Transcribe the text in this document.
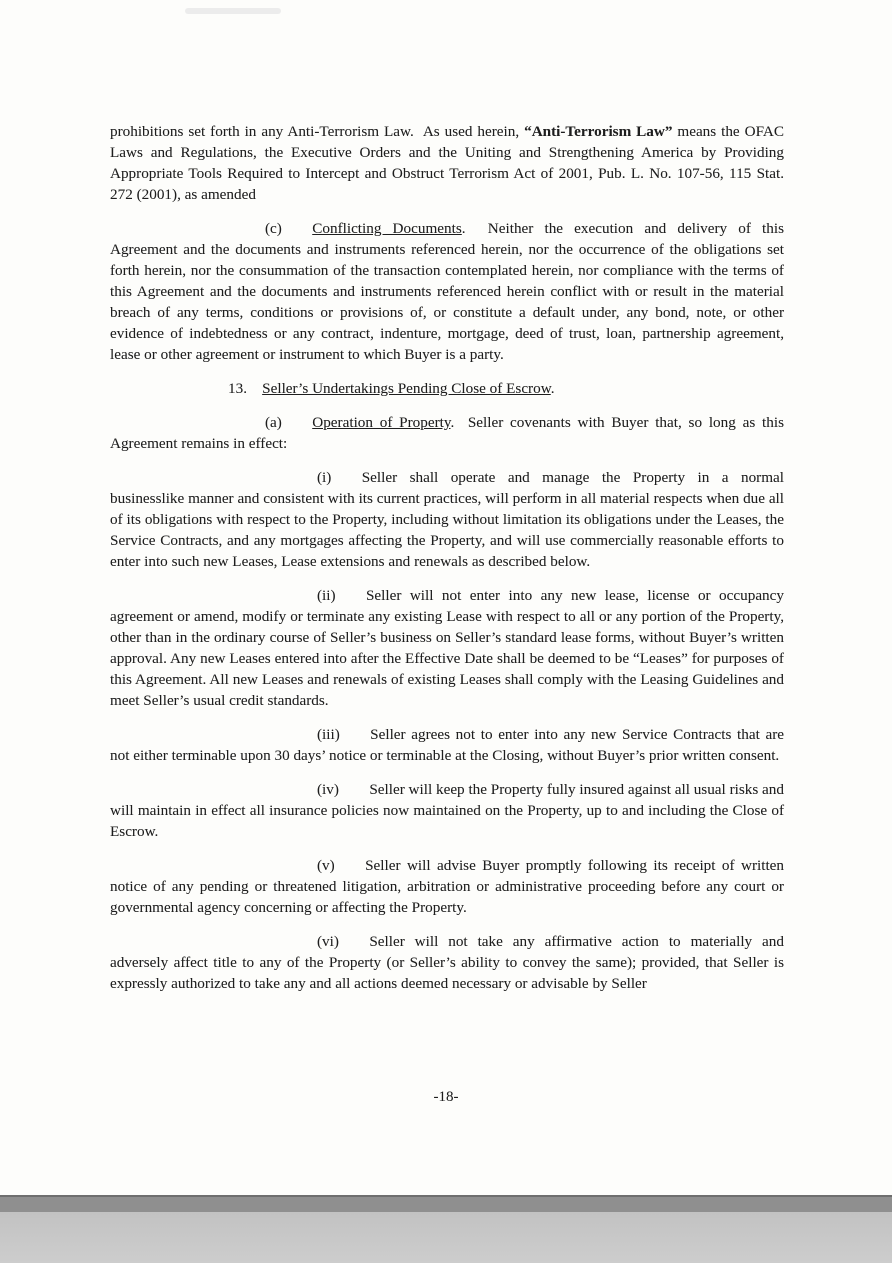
prohibitions set forth in any Anti-Terrorism Law.  As used herein, “Anti-Terrorism Law” means the OFAC Laws and Regulations, the Executive Orders and the Uniting and Strengthening America by Providing Appropriate Tools Required to Intercept and Obstruct Terrorism Act of 2001, Pub. L. No. 107-56, 115 Stat. 272 (2001), as amended

(c) Conflicting Documents.  Neither the execution and delivery of this Agreement and the documents and instruments referenced herein, nor the occurrence of the obligations set forth herein, nor the consummation of the transaction contemplated herein, nor compliance with the terms of this Agreement and the documents and instruments referenced herein conflict with or result in the material breach of any terms, conditions or provisions of, or constitute a default under, any bond, note, or other evidence of indebtedness or any contract, indenture, mortgage, deed of trust, loan, partnership agreement, lease or other agreement or instrument to which Buyer is a party.

13. Seller’s Undertakings Pending Close of Escrow.

(a) Operation of Property.  Seller covenants with Buyer that, so long as this Agreement remains in effect:

(i) Seller shall operate and manage the Property in a normal businesslike manner and consistent with its current practices, will perform in all material respects when due all of its obligations with respect to the Property, including without limitation its obligations under the Leases, the Service Contracts, and any mortgages affecting the Property, and will use commercially reasonable efforts to enter into such new Leases, Lease extensions and renewals as described below.

(ii) Seller will not enter into any new lease, license or occupancy agreement or amend, modify or terminate any existing Lease with respect to all or any portion of the Property, other than in the ordinary course of Seller’s business on Seller’s standard lease forms, without Buyer’s written approval. Any new Leases entered into after the Effective Date shall be deemed to be “Leases” for purposes of this Agreement. All new Leases and renewals of existing Leases shall comply with the Leasing Guidelines and meet Seller’s usual credit standards.

(iii) Seller agrees not to enter into any new Service Contracts that are not either terminable upon 30 days’ notice or terminable at the Closing, without Buyer’s prior written consent.

(iv) Seller will keep the Property fully insured against all usual risks and will maintain in effect all insurance policies now maintained on the Property, up to and including the Close of Escrow.

(v) Seller will advise Buyer promptly following its receipt of written notice of any pending or threatened litigation, arbitration or administrative proceeding before any court or governmental agency concerning or affecting the Property.

(vi) Seller will not take any affirmative action to materially and adversely affect title to any of the Property (or Seller’s ability to convey the same); provided, that Seller is expressly authorized to take any and all actions deemed necessary or advisable by Seller

-18-
